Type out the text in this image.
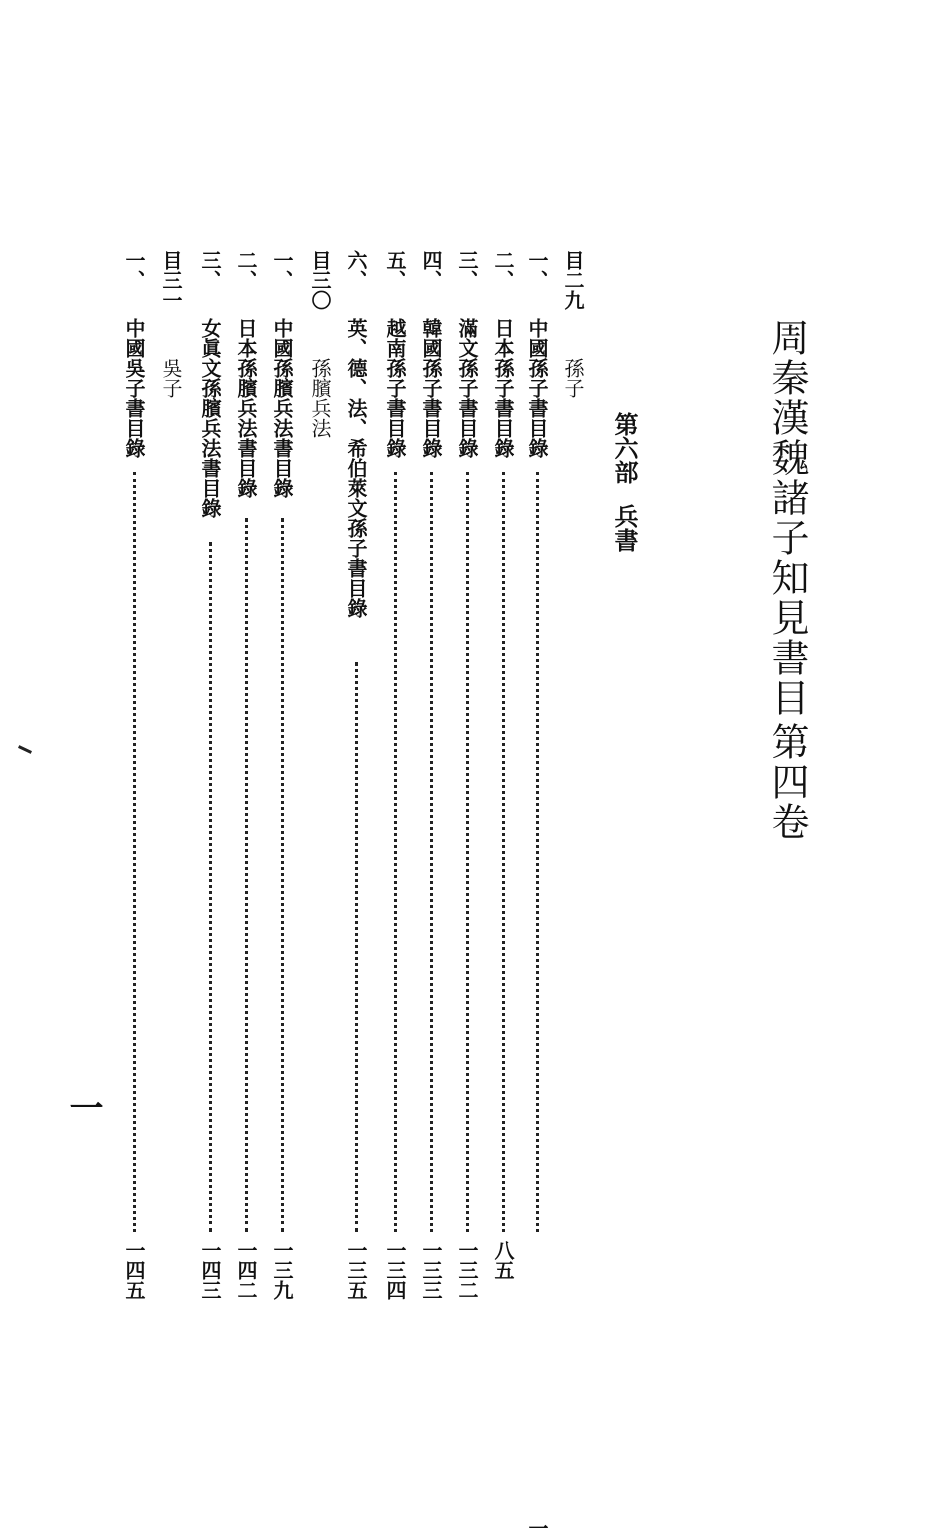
周秦漢魏諸子知見書目
第四卷
第六部兵書
目二九
孫子
一、
中國孫子書目錄
一
二、
日本孫子書目錄
八五
三、
滿文孫子書目錄
一三二
四、
韓國孫子書目錄
一三三
五、
越南孫子書目錄
一三四
六、
英、德、法、希伯萊文孫子書目錄
一三五
目三〇
孫臏兵法
一、
中國孫臏兵法書目錄
一三九
二、
日本孫臏兵法書目錄
一四二
三、
女眞文孫臏兵法書目錄
一四三
目三一
吳子
一、
中國吳子書目錄
一四五
一
